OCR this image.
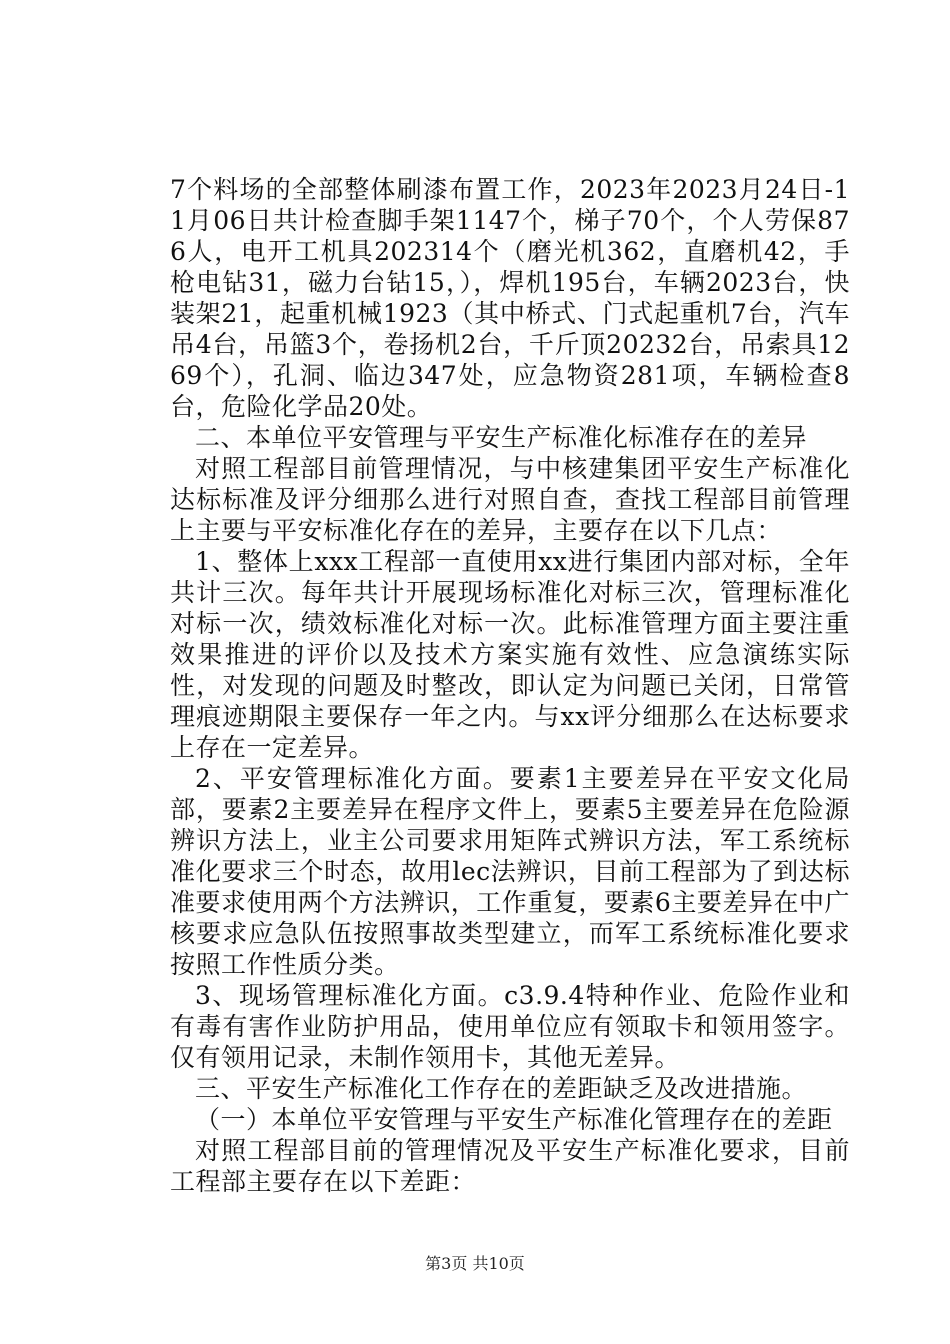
7个料场的全部整体刷漆布置工作，2023年2023月24日-11月06日共计检查脚手架1147个，梯子70个，个人劳保876人，电开工机具202314个（磨光机362，直磨机42，手枪电钻31，磁力台钻15，），焊机195台，车辆2023台，快装架21，起重机械1923（其中桥式、门式起重机7台，汽车吊4台，吊篮3个，卷扬机2台，千斤顶20232台，吊索具1269个），孔洞、临边347处，应急物资281项，车辆检查8台，危险化学品20处。

二、本单位平安管理与平安生产标准化标准存在的差异

对照工程部目前管理情况，与中核建集团平安生产标准化达标标准及评分细那么进行对照自查，查找工程部目前管理上主要与平安标准化存在的差异，主要存在以下几点：

1、整体上xxx工程部一直使用xx进行集团内部对标，全年共计三次。每年共计开展现场标准化对标三次，管理标准化对标一次，绩效标准化对标一次。此标准管理方面主要注重效果推进的评价以及技术方案实施有效性、应急演练实际性，对发现的问题及时整改，即认定为问题已关闭，日常管理痕迹期限主要保存一年之内。与xx评分细那么在达标要求上存在一定差异。

2、平安管理标准化方面。要素1主要差异在平安文化局部，要素2主要差异在程序文件上，要素5主要差异在危险源辨识方法上，业主公司要求用矩阵式辨识方法，军工系统标准化要求三个时态，故用lec法辨识，目前工程部为了到达标准要求使用两个方法辨识，工作重复，要素6主要差异在中广核要求应急队伍按照事故类型建立，而军工系统标准化要求按照工作性质分类。

3、现场管理标准化方面。c3.9.4特种作业、危险作业和有毒有害作业防护用品，使用单位应有领取卡和领用签字。仅有领用记录，未制作领用卡，其他无差异。

三、平安生产标准化工作存在的差距缺乏及改进措施。

（一）本单位平安管理与平安生产标准化管理存在的差距

对照工程部目前的管理情况及平安生产标准化要求，目前工程部主要存在以下差距：

第3页 共10页
